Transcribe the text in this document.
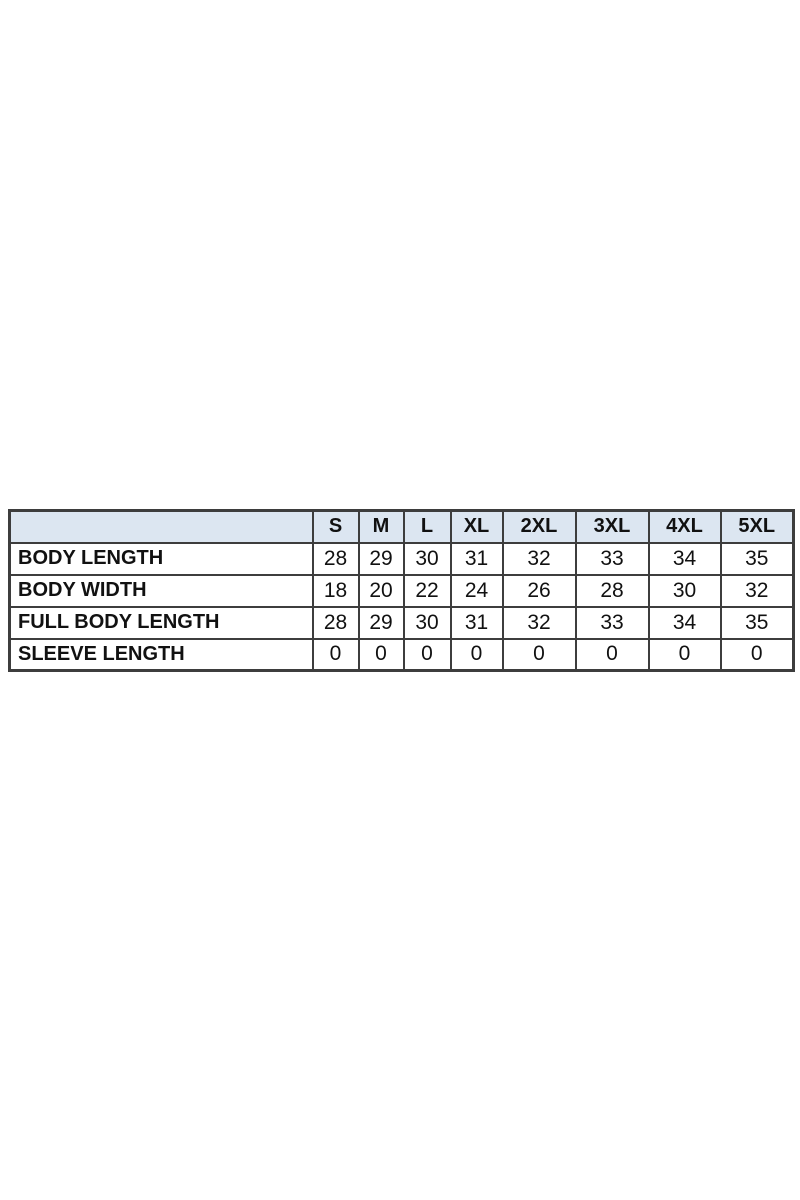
	S	M	L	XL	2XL	3XL	4XL	5XL
BODY LENGTH	28	29	30	31	32	33	34	35
BODY WIDTH	18	20	22	24	26	28	30	32
FULL BODY LENGTH	28	29	30	31	32	33	34	35
SLEEVE LENGTH	0	0	0	0	0	0	0	0
